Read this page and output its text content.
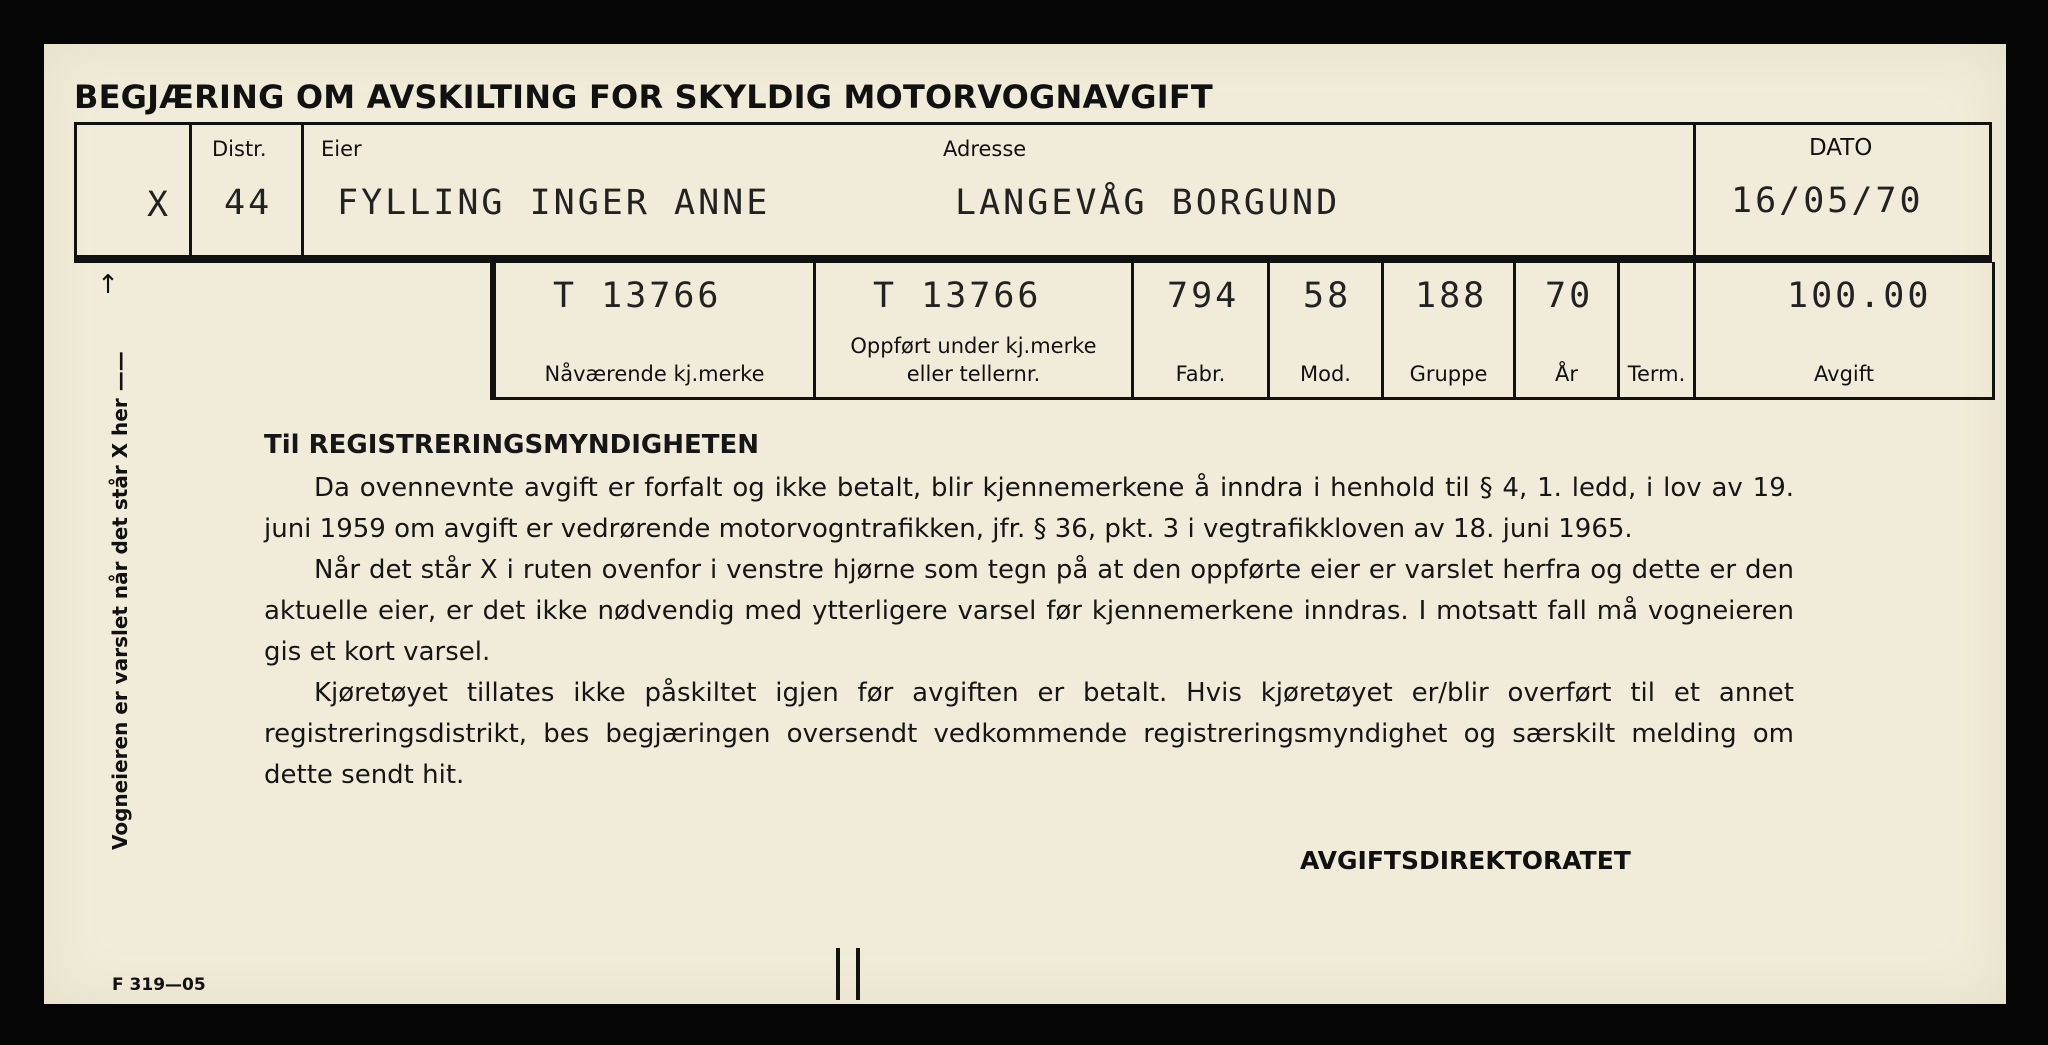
BEGJÆRING OM AVSKILTING FOR SKYLDIG MOTORVOGNAVGIFT
X
Distr.
44
Eier
FYLLING INGER ANNE
Adresse
LANGEVÅG BORGUND
DATO
16/05/70
T 13766
Nåværende kj.merke
T 13766
Oppført under kj.merke
eller tellernr.
794
Fabr.
58
Mod.
188
Gruppe
70
År	Term.
100.00
Avgift
↑
Vogneieren er varslet når det står X her ——

Til REGISTRERINGSMYNDIGHETEN

Da ovennevnte avgift er forfalt og ikke betalt, blir kjennemerkene å inndra i henhold til § 4, 1. ledd, i lov av 19. juni 1959 om avgift er vedrørende motorvogntrafikken, jfr. § 36, pkt. 3 i vegtrafikkloven av 18. juni 1965.

Når det står X i ruten ovenfor i venstre hjørne som tegn på at den oppførte eier er varslet herfra og dette er den aktuelle eier, er det ikke nødvendig med ytterligere varsel før kjennemerkene inndras. I motsatt fall må vogneieren gis et kort varsel.

Kjøretøyet tillates ikke påskiltet igjen før avgiften er betalt. Hvis kjøretøyet er/blir overført til et annet registreringsdistrikt, bes begjæringen oversendt vedkommende registreringsmyndighet og særskilt melding om dette sendt hit.

AVGIFTSDIREKTORATET
F 319—05
